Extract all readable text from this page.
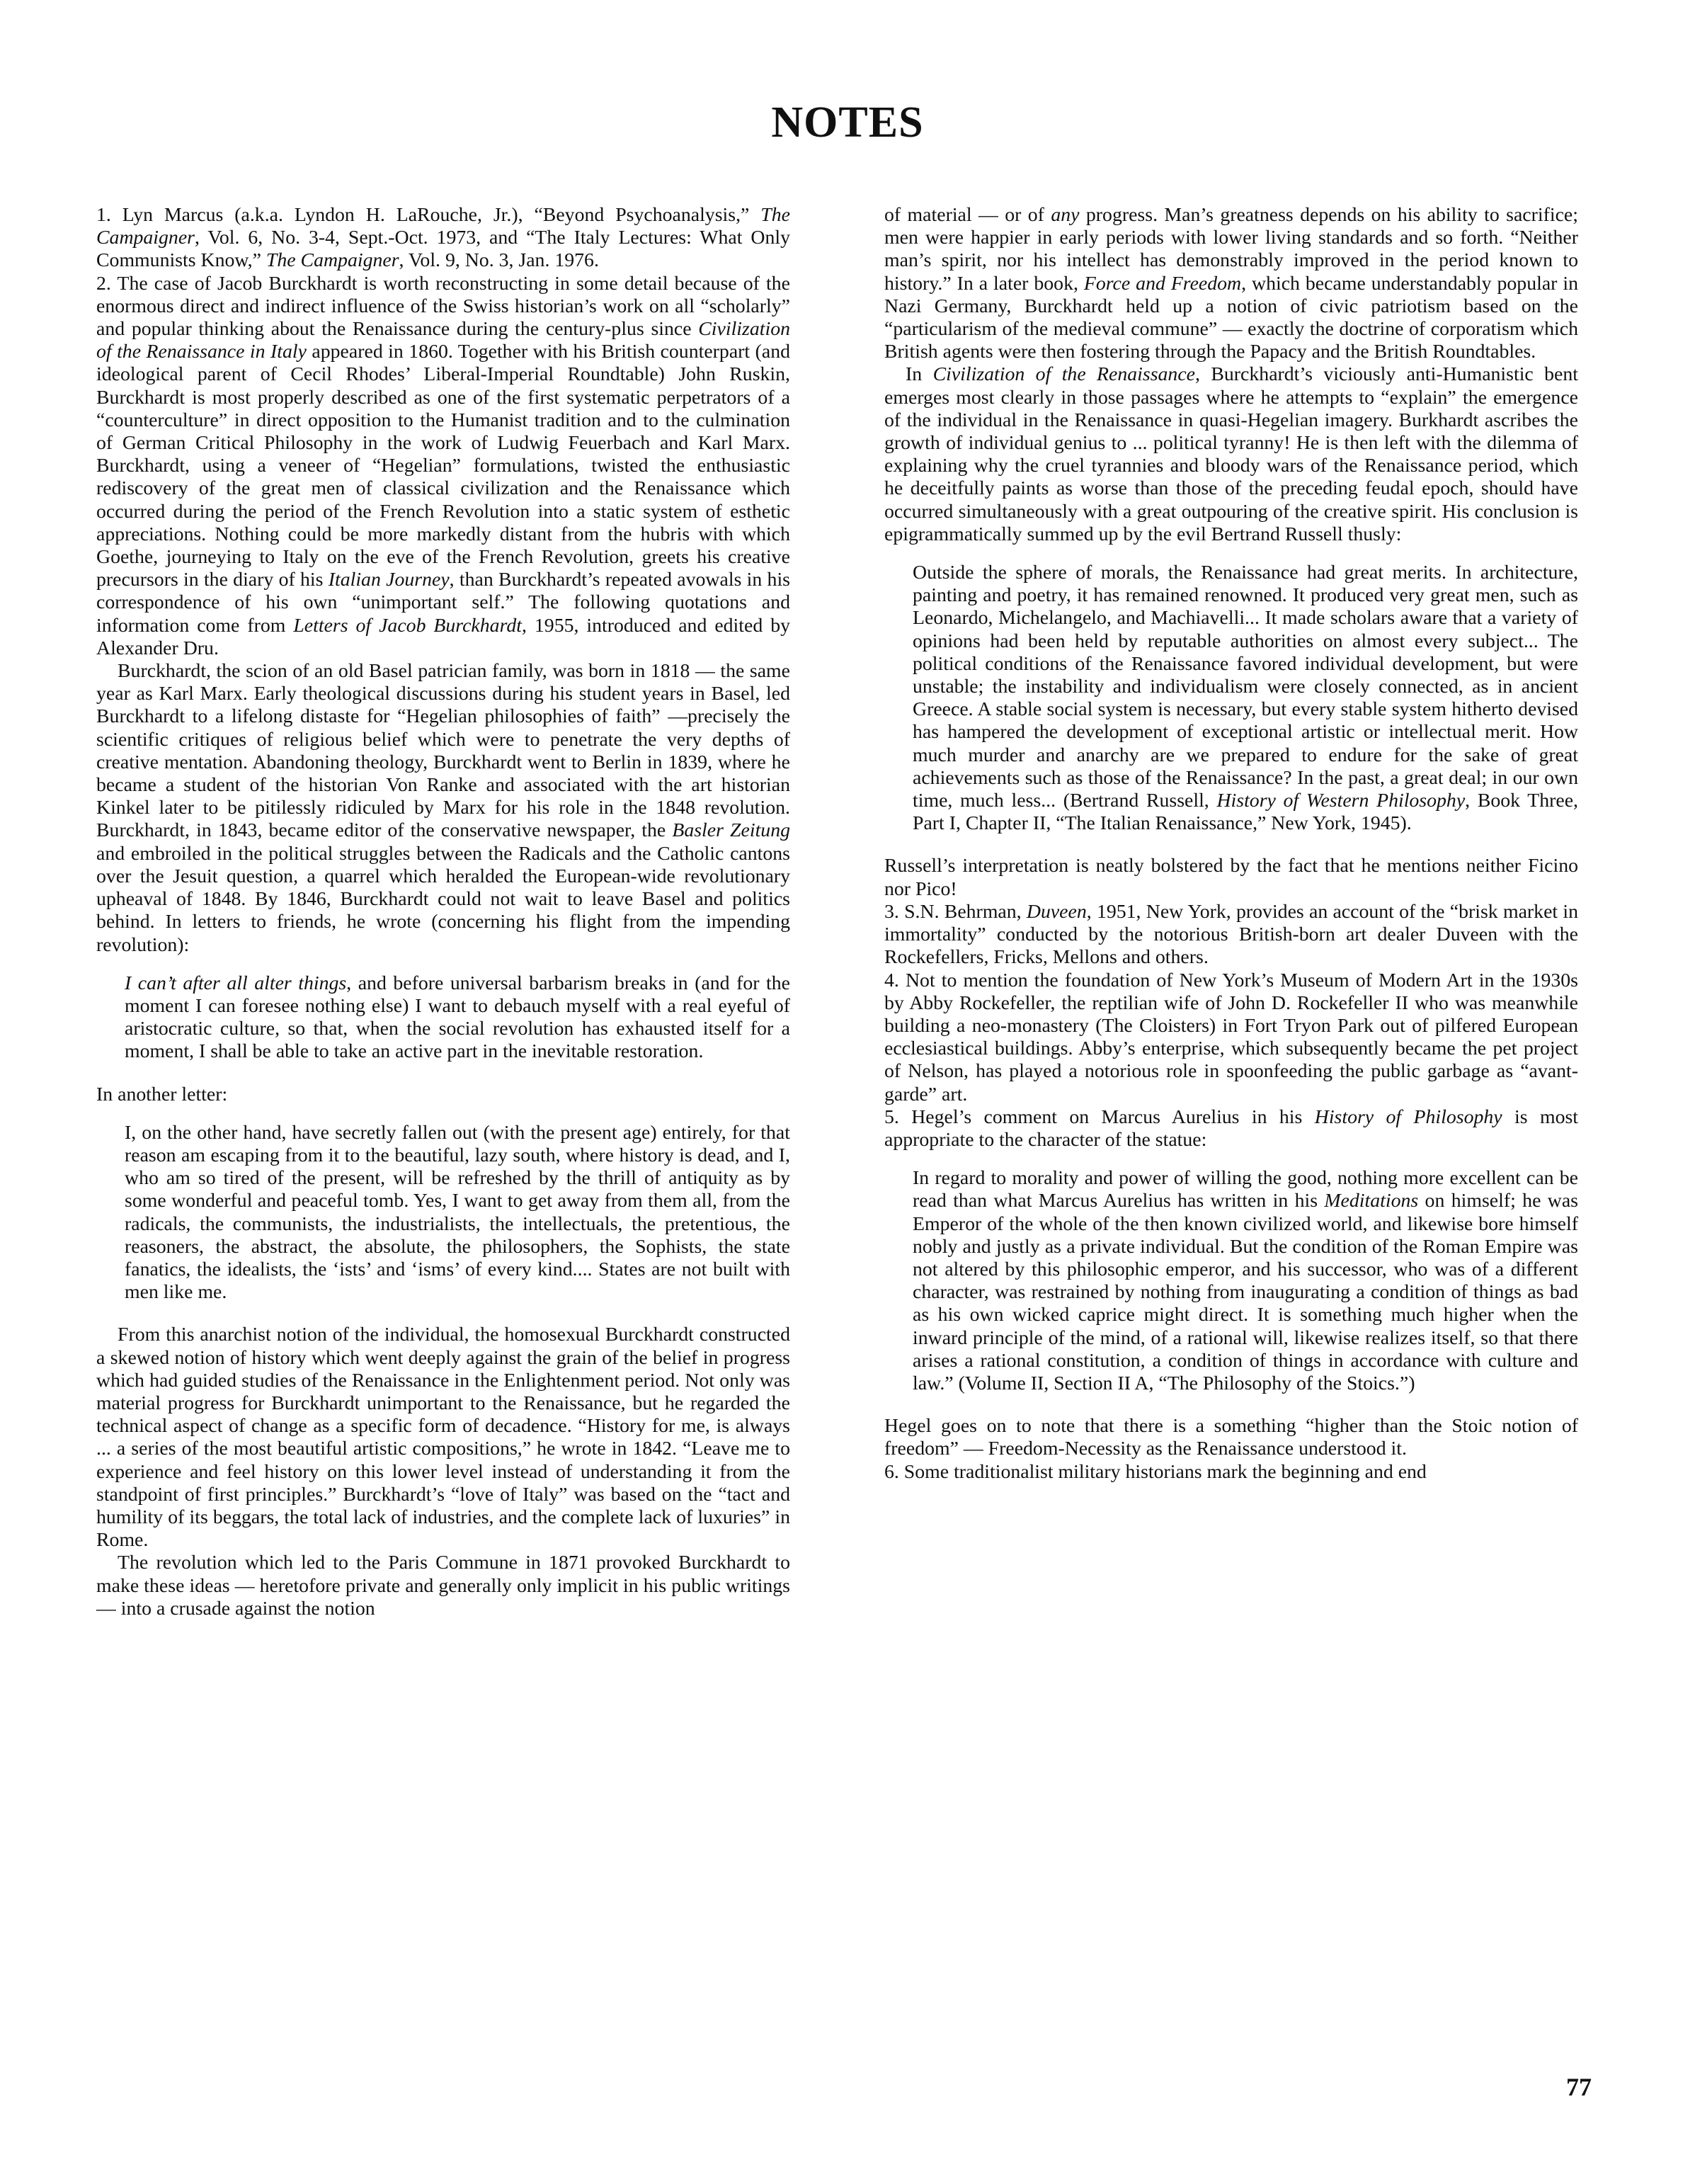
NOTES

1. Lyn Marcus (a.k.a. Lyndon H. LaRouche, Jr.), “Beyond Psychoanalysis,” The Campaigner, Vol. 6, No. 3-4, Sept.-Oct. 1973, and “The Italy Lectures: What Only Communists Know,” The Campaigner, Vol. 9, No. 3, Jan. 1976.

2. The case of Jacob Burckhardt is worth reconstructing in some detail because of the enormous direct and indirect influence of the Swiss historian’s work on all “scholarly” and popular thinking about the Renaissance during the century-plus since Civilization of the Renaissance in Italy appeared in 1860. Together with his British counterpart (and ideological parent of Cecil Rhodes’ Liberal-Imperial Roundtable) John Ruskin, Burckhardt is most properly described as one of the first systematic perpetrators of a “counterculture” in direct opposition to the Humanist tradition and to the culmination of German Critical Philosophy in the work of Ludwig Feuerbach and Karl Marx. Burckhardt, using a veneer of “Hegelian” formulations, twisted the enthusiastic rediscovery of the great men of classical civilization and the Renaissance which occurred during the period of the French Revolution into a static system of esthetic appreciations. Nothing could be more markedly distant from the hubris with which Goethe, journeying to Italy on the eve of the French Revolution, greets his creative precursors in the diary of his Italian Journey, than Burckhardt’s repeated avowals in his correspondence of his own “unimportant self.” The following quotations and information come from Letters of Jacob Burckhardt, 1955, introduced and edited by Alexander Dru.

Burckhardt, the scion of an old Basel patrician family, was born in 1818 — the same year as Karl Marx. Early theological discussions during his student years in Basel, led Burckhardt to a lifelong distaste for “Hegelian philosophies of faith” —precisely the scientific critiques of religious belief which were to penetrate the very depths of creative mentation. Abandoning theology, Burckhardt went to Berlin in 1839, where he became a student of the historian Von Ranke and associated with the art historian Kinkel later to be pitilessly ridiculed by Marx for his role in the 1848 revolution. Burckhardt, in 1843, became editor of the conservative newspaper, the Basler Zeitung and embroiled in the political struggles between the Radicals and the Catholic cantons over the Jesuit question, a quarrel which heralded the European-wide revolutionary upheaval of 1848. By 1846, Burckhardt could not wait to leave Basel and politics behind. In letters to friends, he wrote (concerning his flight from the impending revolution):

I can’t after all alter things, and before universal barbarism breaks in (and for the moment I can foresee nothing else) I want to debauch myself with a real eyeful of aristocratic culture, so that, when the social revolution has exhausted itself for a moment, I shall be able to take an active part in the inevitable restoration.

In another letter:

I, on the other hand, have secretly fallen out (with the present age) entirely, for that reason am escaping from it to the beautiful, lazy south, where history is dead, and I, who am so tired of the present, will be refreshed by the thrill of antiquity as by some wonderful and peaceful tomb. Yes, I want to get away from them all, from the radicals, the communists, the industrialists, the intellectuals, the pretentious, the reasoners, the abstract, the absolute, the philosophers, the Sophists, the state fanatics, the idealists, the ‘ists’ and ‘isms’ of every kind.... States are not built with men like me.

From this anarchist notion of the individual, the homosexual Burckhardt constructed a skewed notion of history which went deeply against the grain of the belief in progress which had guided studies of the Renaissance in the Enlightenment period. Not only was material progress for Burckhardt unimportant to the Renaissance, but he regarded the technical aspect of change as a specific form of decadence. “History for me, is always ... a series of the most beautiful artistic compositions,” he wrote in 1842. “Leave me to experience and feel history on this lower level instead of understanding it from the standpoint of first principles.” Burckhardt’s “love of Italy” was based on the “tact and humility of its beggars, the total lack of industries, and the complete lack of luxuries” in Rome.

The revolution which led to the Paris Commune in 1871 provoked Burckhardt to make these ideas — heretofore private and generally only implicit in his public writings — into a crusade against the notion

of material — or of any progress. Man’s greatness depends on his ability to sacrifice; men were happier in early periods with lower living standards and so forth. “Neither man’s spirit, nor his intellect has demonstrably improved in the period known to history.” In a later book, Force and Freedom, which became understandably popular in Nazi Germany, Burckhardt held up a notion of civic patriotism based on the “particularism of the medieval commune” — exactly the doctrine of corporatism which British agents were then fostering through the Papacy and the British Roundtables.

In Civilization of the Renaissance, Burckhardt’s viciously anti-Humanistic bent emerges most clearly in those passages where he attempts to “explain” the emergence of the individual in the Renaissance in quasi-Hegelian imagery. Burkhardt ascribes the growth of individual genius to ... political tyranny! He is then left with the dilemma of explaining why the cruel tyrannies and bloody wars of the Renaissance period, which he deceitfully paints as worse than those of the preceding feudal epoch, should have occurred simultaneously with a great outpouring of the creative spirit. His conclusion is epigrammatically summed up by the evil Bertrand Russell thusly:

Outside the sphere of morals, the Renaissance had great merits. In architecture, painting and poetry, it has remained renowned. It produced very great men, such as Leonardo, Michelangelo, and Machiavelli... It made scholars aware that a variety of opinions had been held by reputable authorities on almost every subject... The political conditions of the Renaissance favored individual development, but were unstable; the instability and individualism were closely connected, as in ancient Greece. A stable social system is necessary, but every stable system hitherto devised has hampered the development of exceptional artistic or intellectual merit. How much murder and anarchy are we prepared to endure for the sake of great achievements such as those of the Renaissance? In the past, a great deal; in our own time, much less... (Bertrand Russell, History of Western Philosophy, Book Three, Part I, Chapter II, “The Italian Renaissance,” New York, 1945).

Russell’s interpretation is neatly bolstered by the fact that he mentions neither Ficino nor Pico!

3. S.N. Behrman, Duveen, 1951, New York, provides an account of the “brisk market in immortality” conducted by the notorious British-born art dealer Duveen with the Rockefellers, Fricks, Mellons and others.

4. Not to mention the foundation of New York’s Museum of Modern Art in the 1930s by Abby Rockefeller, the reptilian wife of John D. Rockefeller II who was meanwhile building a neo-monastery (The Cloisters) in Fort Tryon Park out of pilfered European ecclesiastical buildings. Abby’s enterprise, which subsequently became the pet project of Nelson, has played a notorious role in spoonfeeding the public garbage as “avant-garde” art.

5. Hegel’s comment on Marcus Aurelius in his History of Philosophy is most appropriate to the character of the statue:

In regard to morality and power of willing the good, nothing more excellent can be read than what Marcus Aurelius has written in his Meditations on himself; he was Emperor of the whole of the then known civilized world, and likewise bore himself nobly and justly as a private individual. But the condition of the Roman Empire was not altered by this philosophic emperor, and his successor, who was of a different character, was restrained by nothing from inaugurating a condition of things as bad as his own wicked caprice might direct. It is something much higher when the inward principle of the mind, of a rational will, likewise realizes itself, so that there arises a rational constitution, a condition of things in accordance with culture and law.” (Volume II, Section II A, “The Philosophy of the Stoics.”)

Hegel goes on to note that there is a something “higher than the Stoic notion of freedom” — Freedom-Necessity as the Renaissance understood it.

6. Some traditionalist military historians mark the beginning and end

77
